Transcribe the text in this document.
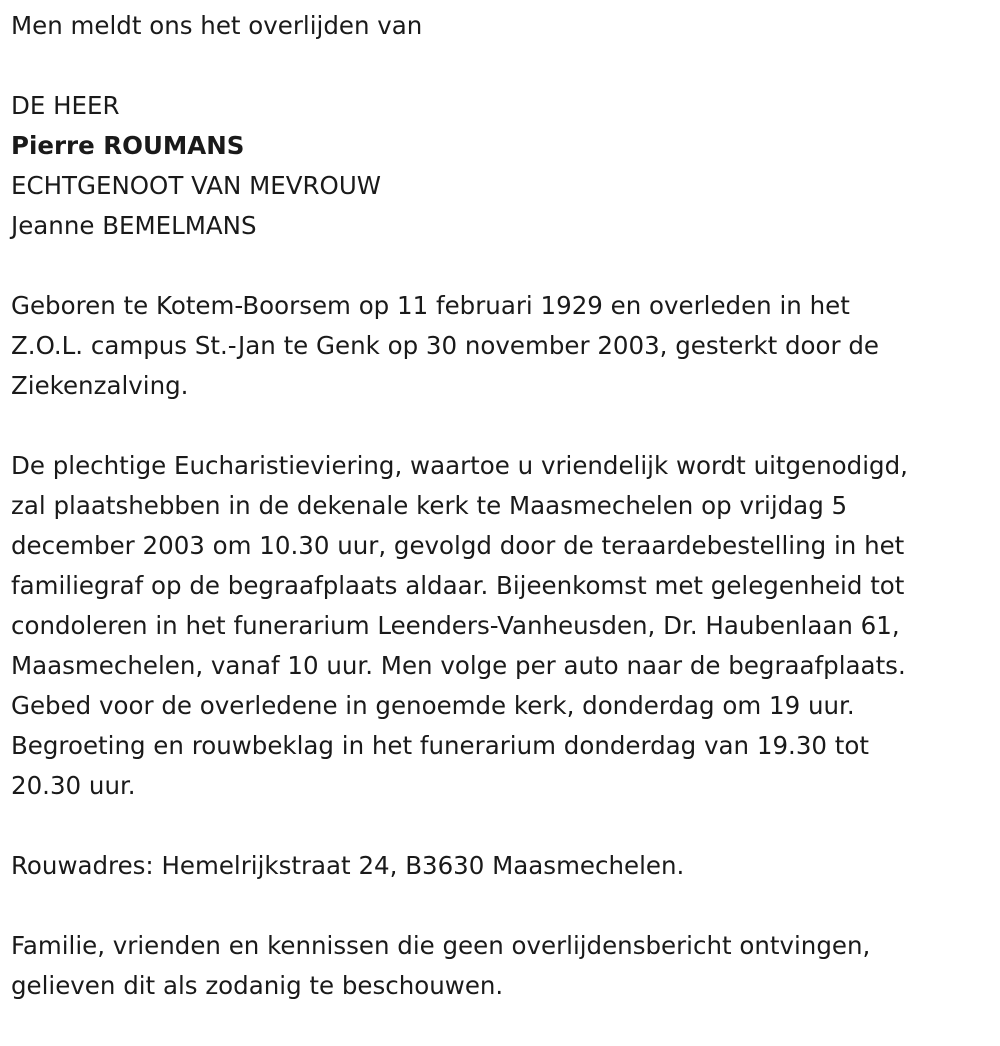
Men meldt ons het overlijden van

DE HEER

Pierre ROUMANS

ECHTGENOOT VAN MEVROUW

Jeanne BEMELMANS

Geboren te Kotem-Boorsem op 11 februari 1929 en overleden in het
Z.O.L. campus St.-Jan te Genk op 30 november 2003, gesterkt door de
Ziekenzalving.
De plechtige Eucharistieviering, waartoe u vriendelijk wordt uitgenodigd,
zal plaatshebben in de dekenale kerk te Maasmechelen op vrijdag 5
december 2003 om 10.30 uur, gevolgd door de teraardebestelling in het
familiegraf op de begraafplaats aldaar. Bijeenkomst met gelegenheid tot
condoleren in het funerarium Leenders-Vanheusden, Dr. Haubenlaan 61,
Maasmechelen, vanaf 10 uur. Men volge per auto naar de begraafplaats.
Gebed voor de overledene in genoemde kerk, donderdag om 19 uur.
Begroeting en rouwbeklag in het funerarium donderdag van 19.30 tot
20.30 uur.

Rouwadres: Hemelrijkstraat 24, B3630 Maasmechelen.

Familie, vrienden en kennissen die geen overlijdensbericht ontvingen,
gelieven dit als zodanig te beschouwen.
